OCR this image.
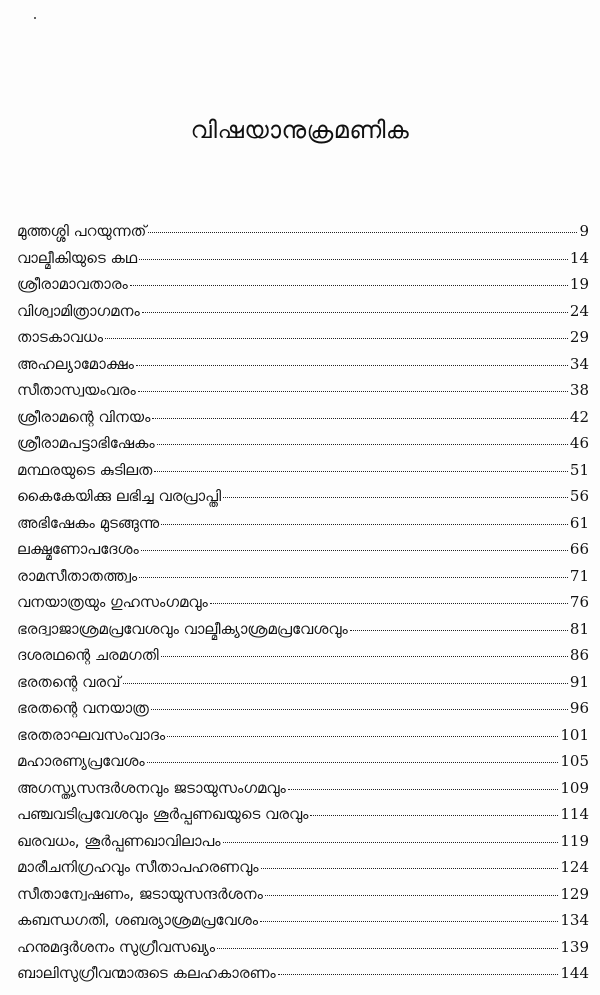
വിഷയാനുക്രമണിക
മുത്തശ്ശി പറയുന്നത്	9
വാല്മീകിയുടെ കഥ	14
ശ്രീരാമാവതാരം	19
വിശ്വാമിത്രാഗമനം	24
താടകാവധം	29
അഹല്യാമോക്ഷം	34
സീതാസ്വയംവരം	38
ശ്രീരാമന്റെ വിനയം	42
ശ്രീരാമപട്ടാഭിഷേകം	46
മന്ഥരയുടെ കുടിലത	51
കൈകേയിക്കു ലഭിച്ച വരപ്രാപ്തി	56
അഭിഷേകം മുടങ്ങുന്നു	61
ലക്ഷ്മണോപദേശം	66
രാമസീതാതത്ത്വം	71
വനയാത്രയും ഗുഹസംഗമവും	76
ഭരദ്വാജാശ്രമപ്രവേശവും വാല്മീക്യാശ്രമപ്രവേശവും	81
ദശരഥന്റെ ചരമഗതി	86
ഭരതന്റെ വരവ്	91
ഭരതന്റെ വനയാത്ര	96
ഭരതരാഘവസംവാദം	101
മഹാരണ്യപ്രവേശം	105
അഗസ്ത്യസന്ദർശനവും ജടായുസംഗമവും	109
പഞ്ചവടിപ്രവേശവും ശൂർപ്പണഖയുടെ വരവും	114
ഖരവധം, ശൂർപ്പണഖാവിലാപം	119
മാരീചനിഗ്രഹവും സീതാപഹരണവും	124
സീതാന്വേഷണം, ജടായുസന്ദർശനം	129
കബന്ധഗതി, ശബര്യാശ്രമപ്രവേശം	134
ഹനുമദ്ദർശനം സുഗ്രീവസഖ്യം	139
ബാലിസുഗ്രീവന്മാരുടെ കലഹകാരണം	144
